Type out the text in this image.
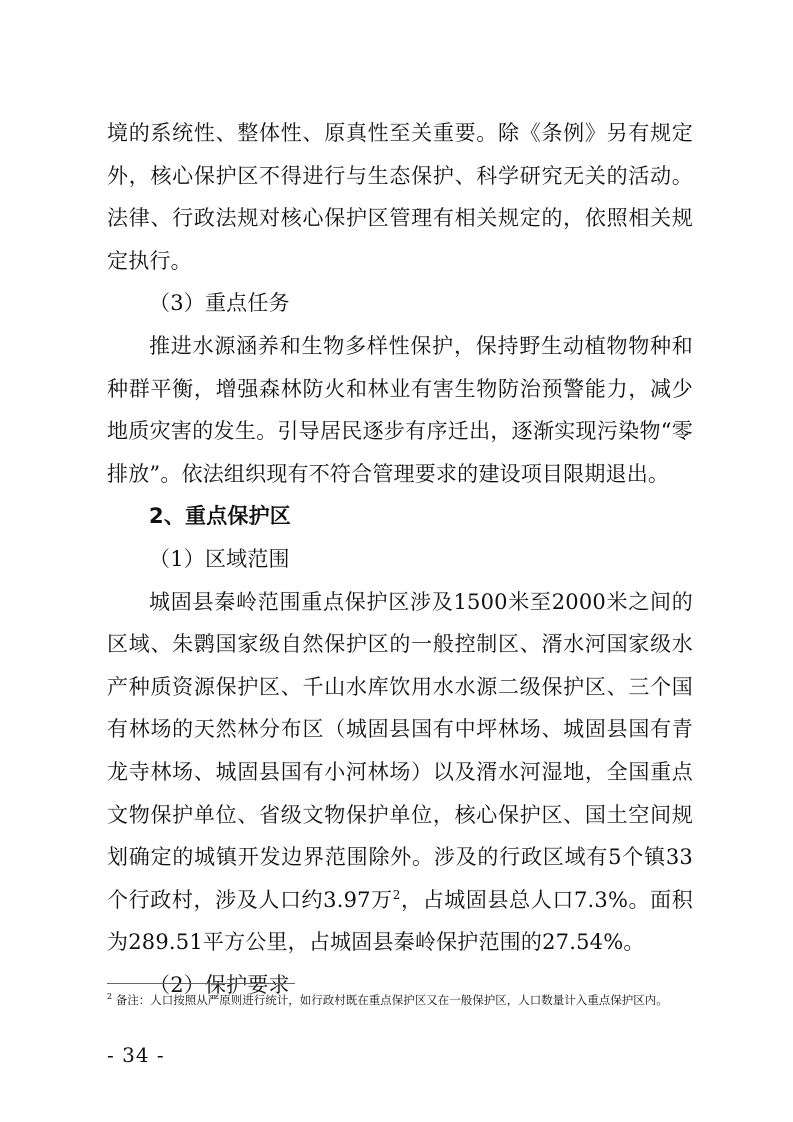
境的系统性、整体性、原真性至关重要。除《条例》另有规定外，核心保护区不得进行与生态保护、科学研究无关的活动。法律、行政法规对核心保护区管理有相关规定的，依照相关规定执行。

（3）重点任务

推进水源涵养和生物多样性保护，保持野生动植物物种和种群平衡，增强森林防火和林业有害生物防治预警能力，减少地质灾害的发生。引导居民逐步有序迁出，逐渐实现污染物“零排放”。依法组织现有不符合管理要求的建设项目限期退出。

2、重点保护区

（1）区域范围

城固县秦岭范围重点保护区涉及1500米至2000米之间的区域、朱鹮国家级自然保护区的一般控制区、湑水河国家级水产种质资源保护区、千山水库饮用水水源二级保护区、三个国有林场的天然林分布区（城固县国有中坪林场、城固县国有青龙寺林场、城固县国有小河林场）以及湑水河湿地，全国重点文物保护单位、省级文物保护单位，核心保护区、国土空间规划确定的城镇开发边界范围除外。涉及的行政区域有5个镇33个行政村，涉及人口约3.97万$^2$，占城固县总人口7.3%。面积为289.51平方公里，占城固县秦岭保护范围的27.54%。

（2）保护要求

$^2$ 备注：人口按照从严原则进行统计，如行政村既在重点保护区又在一般保护区，人口数量计入重点保护区内。
- 34 -
